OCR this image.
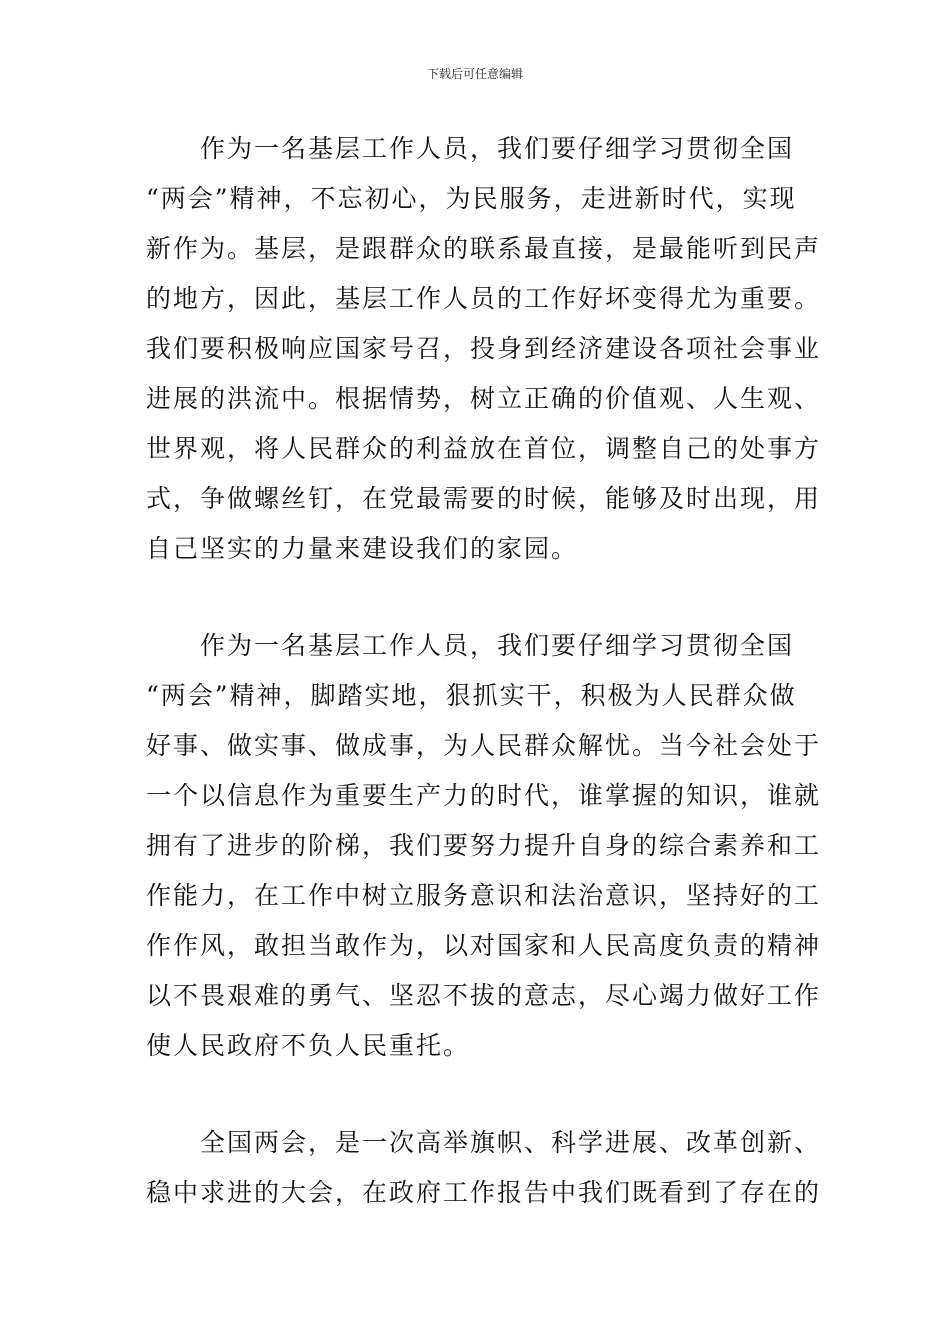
下载后可任意编辑
作为一名基层工作人员，我们要仔细学习贯彻全国
“两会”精神，不忘初心，为民服务，走进新时代，实现
新作为。基层，是跟群众的联系最直接，是最能听到民声
的地方，因此，基层工作人员的工作好坏变得尤为重要。
我们要积极响应国家号召，投身到经济建设各项社会事业
进展的洪流中。根据情势，树立正确的价值观、人生观、
世界观，将人民群众的利益放在首位，调整自己的处事方
式，争做螺丝钉，在党最需要的时候，能够及时出现，用
自己坚实的力量来建设我们的家园。
作为一名基层工作人员，我们要仔细学习贯彻全国
“两会”精神，脚踏实地，狠抓实干，积极为人民群众做
好事、做实事、做成事，为人民群众解忧。当今社会处于
一个以信息作为重要生产力的时代，谁掌握的知识，谁就
拥有了进步的阶梯，我们要努力提升自身的综合素养和工
作能力，在工作中树立服务意识和法治意识，坚持好的工
作作风，敢担当敢作为，以对国家和人民高度负责的精神
以不畏艰难的勇气、坚忍不拔的意志，尽心竭力做好工作
使人民政府不负人民重托。
全国两会，是一次高举旗帜、科学进展、改革创新、
稳中求进的大会，在政府工作报告中我们既看到了存在的
